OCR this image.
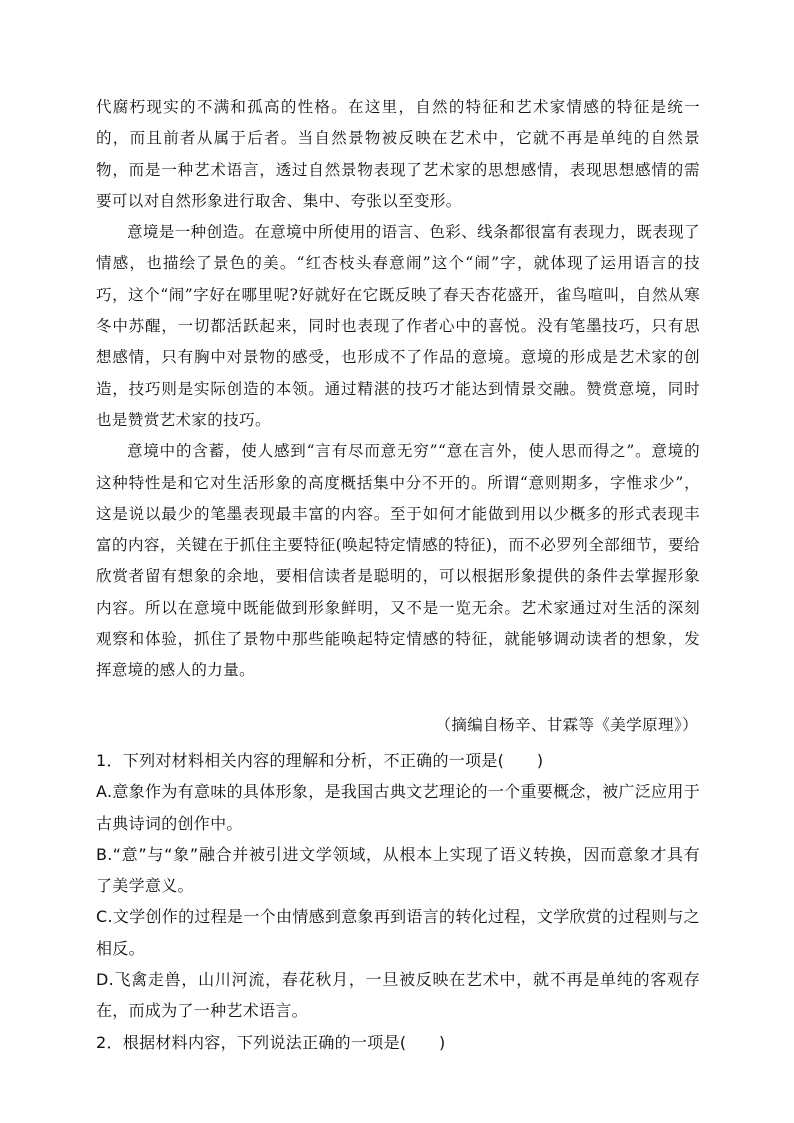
代腐朽现实的不满和孤高的性格。在这里，自然的特征和艺术家情感的特征是统一的，而且前者从属于后者。当自然景物被反映在艺术中，它就不再是单纯的自然景物，而是一种艺术语言，透过自然景物表现了艺术家的思想感情，表现思想感情的需要可以对自然形象进行取舍、集中、夸张以至变形。

意境是一种创造。在意境中所使用的语言、色彩、线条都很富有表现力，既表现了情感，也描绘了景色的美。“红杏枝头春意闹”这个“闹”字，就体现了运用语言的技巧，这个“闹”字好在哪里呢?好就好在它既反映了春天杏花盛开，雀鸟喧叫，自然从寒冬中苏醒，一切都活跃起来，同时也表现了作者心中的喜悦。没有笔墨技巧，只有思想感情，只有胸中对景物的感受，也形成不了作品的意境。意境的形成是艺术家的创造，技巧则是实际创造的本领。通过精湛的技巧才能达到情景交融。赞赏意境，同时也是赞赏艺术家的技巧。

意境中的含蓄，使人感到“言有尽而意无穷”“意在言外，使人思而得之”。意境的这种特性是和它对生活形象的高度概括集中分不开的。所谓“意则期多，字惟求少”，这是说以最少的笔墨表现最丰富的内容。至于如何才能做到用以少概多的形式表现丰富的内容，关键在于抓住主要特征(唤起特定情感的特征)，而不必罗列全部细节，要给欣赏者留有想象的余地，要相信读者是聪明的，可以根据形象提供的条件去掌握形象内容。所以在意境中既能做到形象鲜明，又不是一览无余。艺术家通过对生活的深刻观察和体验，抓住了景物中那些能唤起特定情感的特征，就能够调动读者的想象，发挥意境的感人的力量。

（摘编自杨辛、甘霖等《美学原理》）

1．下列对材料相关内容的理解和分析，不正确的一项是(　　)

A.意象作为有意味的具体形象，是我国古典文艺理论的一个重要概念，被广泛应用于古典诗词的创作中。

B.“意”与“象”融合并被引进文学领域，从根本上实现了语义转换，因而意象才具有了美学意义。

C.文学创作的过程是一个由情感到意象再到语言的转化过程，文学欣赏的过程则与之相反。

D.飞禽走兽，山川河流，春花秋月，一旦被反映在艺术中，就不再是单纯的客观存在，而成为了一种艺术语言。

2．根据材料内容，下列说法正确的一项是(　　)
